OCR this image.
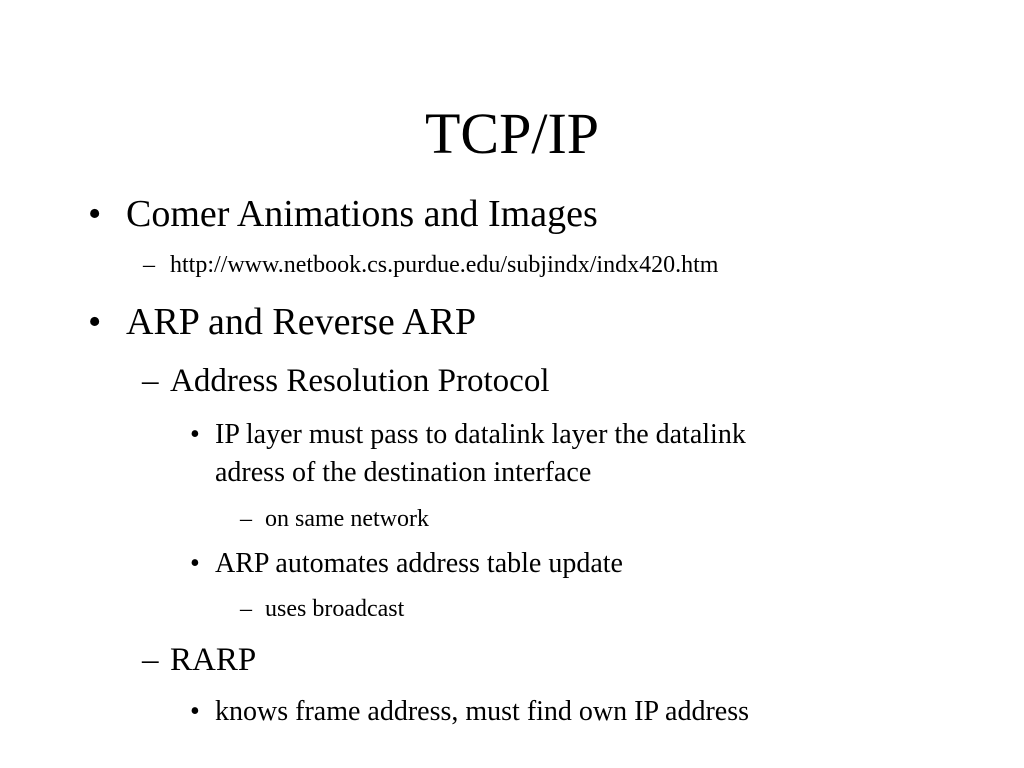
TCP/IP
• Comer Animations and Images
– http://www.netbook.cs.purdue.edu/subjindx/indx420.htm
• ARP and Reverse ARP
– Address Resolution Protocol
• IP layer must pass to datalink layer the datalink
adress of the destination interface
– on same network
• ARP automates address table update
– uses broadcast
– RARP
• knows frame address, must find own IP address
